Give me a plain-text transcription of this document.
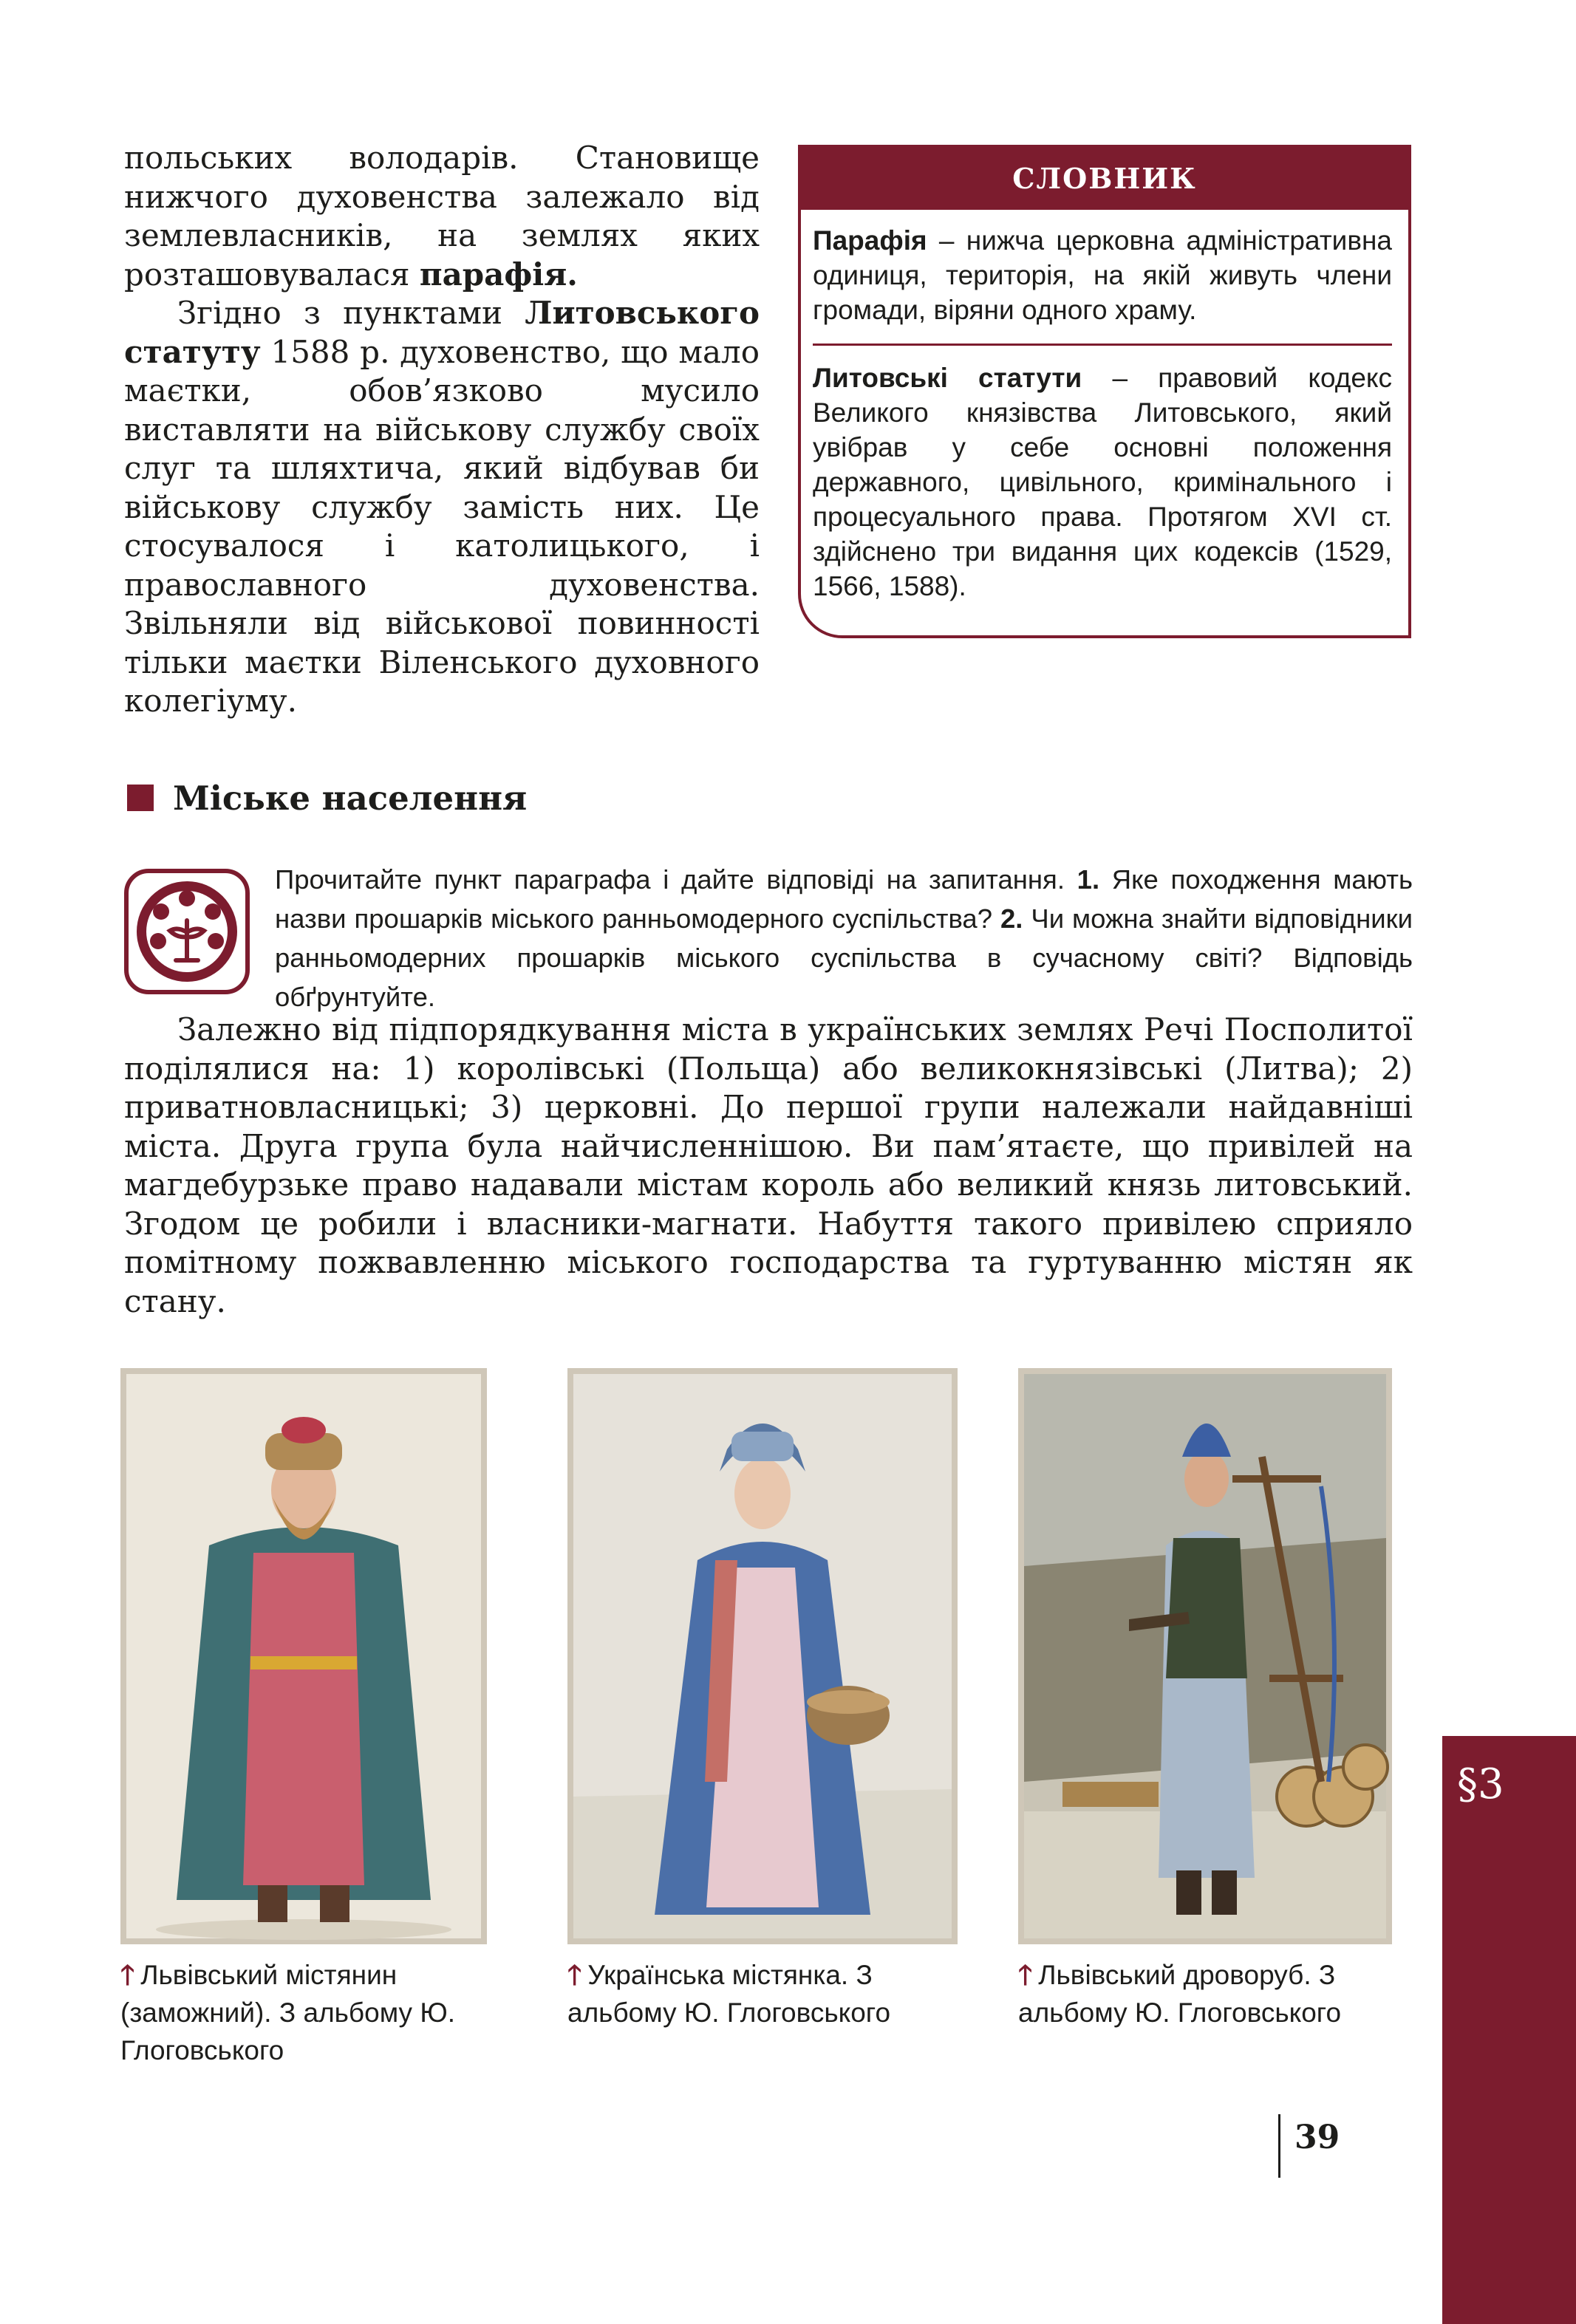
польських володарів. Становище нижчого духовенства залежало від землевласників, на землях яких розташовувалася парафія.

Згідно з пунктами Литовського статуту 1588 р. духовенство, що мало маєтки, обов’язково мусило виставляти на військову службу своїх слуг та шляхтича, який відбував би військову службу замість них. Це стосувалося і католицького, і православного духовенства. Звільняли від військової повинності тільки маєтки Віленського духовного колегіуму.

СЛОВНИК

Парафія – нижча церковна адміністративна одиниця, територія, на якій живуть члени громади, віряни одного храму.

Литовські статути – правовий кодекс Великого князівства Литовського, який увібрав у себе основні положення державного, цивільного, кримінального і процесуального права. Протягом XVI ст. здійснено три видання цих кодексів (1529, 1566, 1588).

Міське населення

Прочитайте пункт параграфа і дайте відповіді на запитання. 1. Яке походження мають назви прошарків міського ранньомодерного суспільства? 2. Чи можна знайти відповідники ранньомодерних прошарків міського суспільства в сучасному світі? Відповідь обґрунтуйте.

Залежно від підпорядкування міста в українських землях Речі Посполитої поділялися на: 1) королівські (Польща) або великокнязівські (Литва); 2) приватновласницькі; 3) церковні. До першої групи належали найдавніші міста. Друга група була найчисленнішою. Ви пам’ятаєте, що привілей на магдебурзьке право надавали містам король або великий князь литовський. Згодом це робили і власники-магнати. Набуття такого привілею сприяло помітному пожвавленню міського господарства та гуртуванню містян як стану.

🡑 Львівський містянин (заможний). З альбому Ю. Глоговського
🡑 Українська містянка. З альбому Ю. Глоговського
🡑 Львівський дроворуб. З альбому Ю. Глоговського
§3
39
